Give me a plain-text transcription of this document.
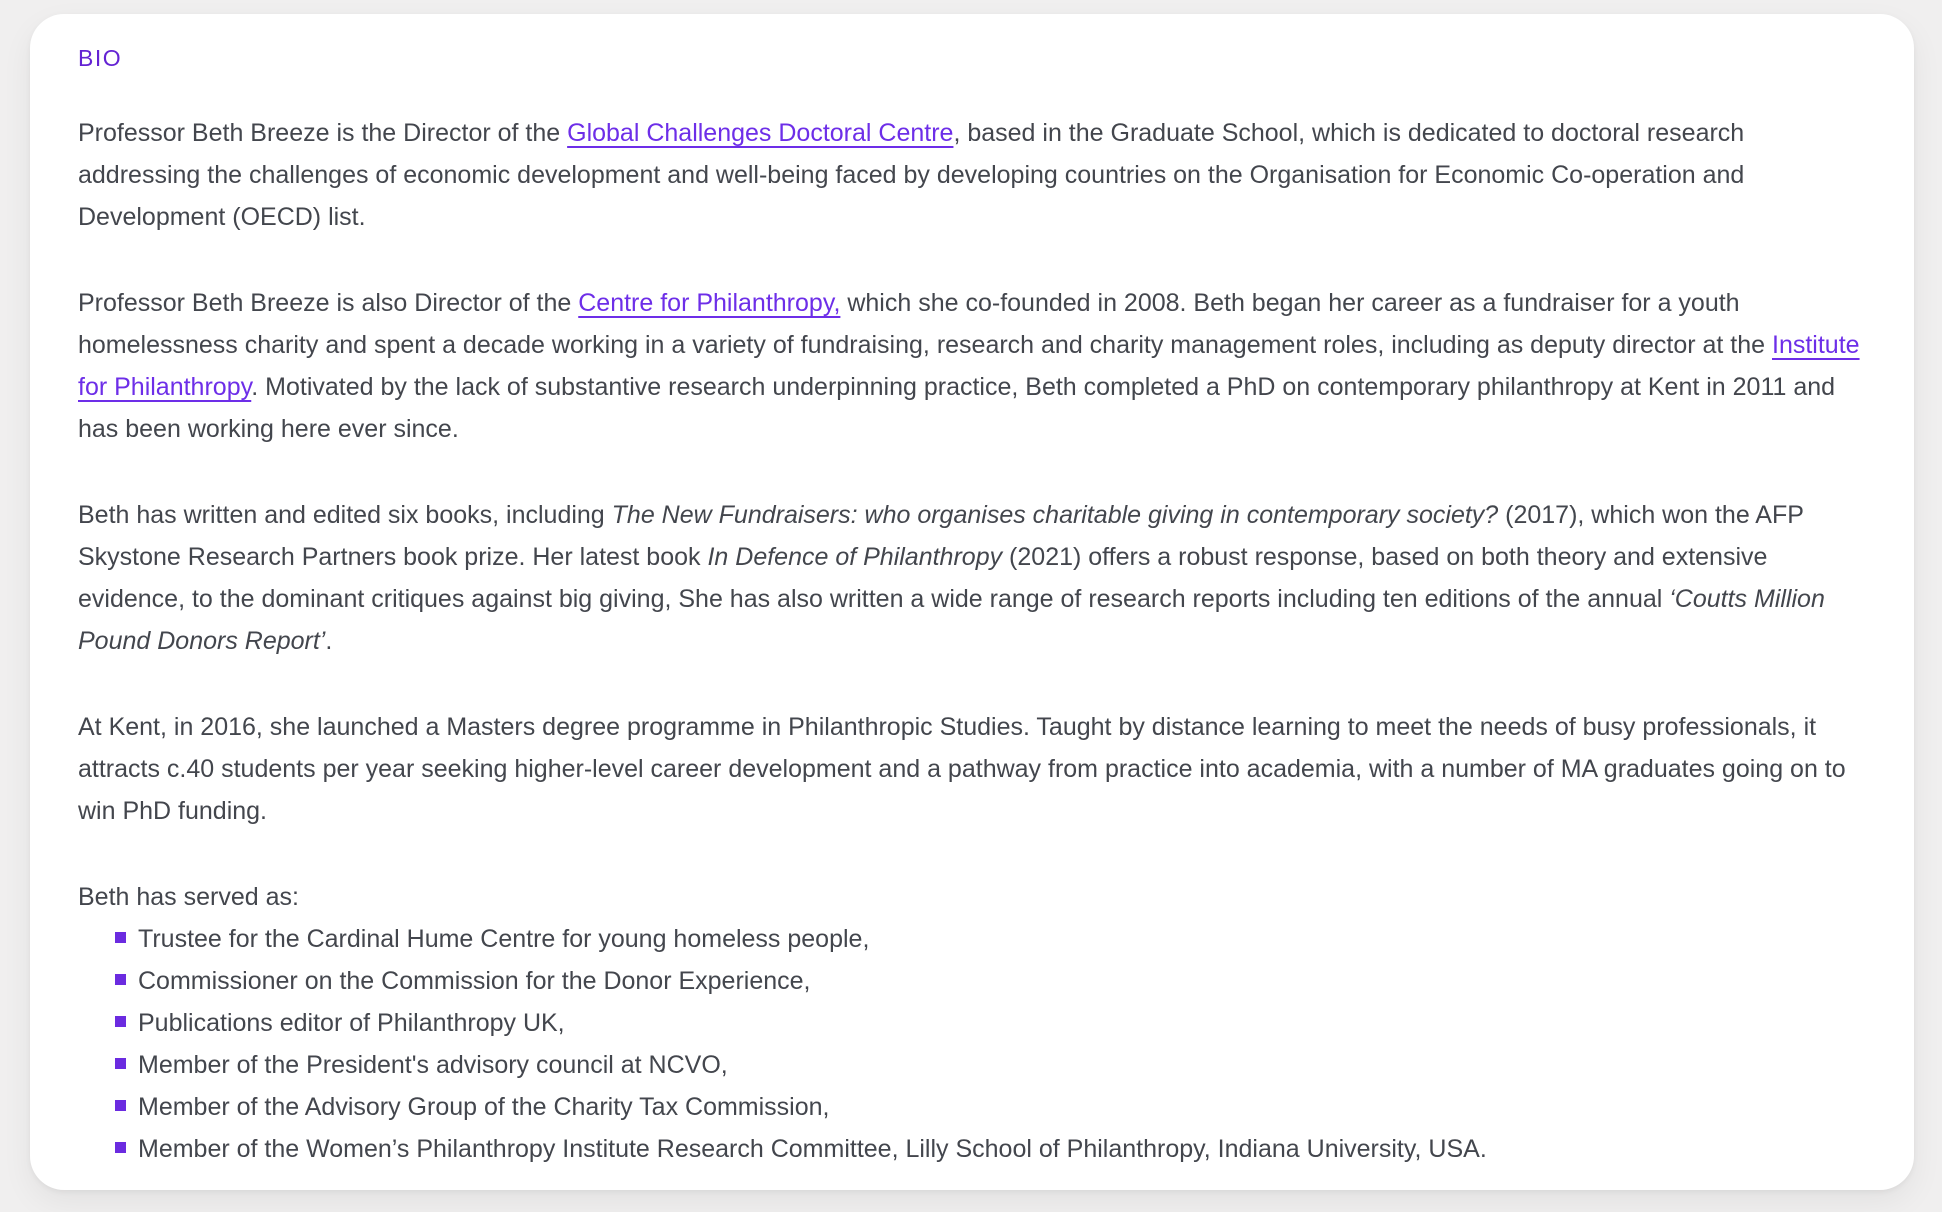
BIO

Professor Beth Breeze is the Director of the Global Challenges Doctoral Centre, based in the Graduate School, which is dedicated to doctoral research addressing the challenges of economic development and well-being faced by developing countries on the Organisation for Economic Co-operation and Development (OECD) list.

Professor Beth Breeze is also Director of the Centre for Philanthropy, which she co-founded in 2008. Beth began her career as a fundraiser for a youth homelessness charity and spent a decade working in a variety of fundraising, research and charity management roles, including as deputy director at the Institute for Philanthropy. Motivated by the lack of substantive research underpinning practice, Beth completed a PhD on contemporary philanthropy at Kent in 2011 and has been working here ever since.

Beth has written and edited six books, including The New Fundraisers: who organises charitable giving in contemporary society? (2017), which won the AFP Skystone Research Partners book prize. Her latest book In Defence of Philanthropy (2021) offers a robust response, based on both theory and extensive evidence, to the dominant critiques against big giving, She has also written a wide range of research reports including ten editions of the annual ‘Coutts Million Pound Donors Report’.

At Kent, in 2016, she launched a Masters degree programme in Philanthropic Studies. Taught by distance learning to meet the needs of busy professionals, it attracts c.40 students per year seeking higher-level career development and a pathway from practice into academia, with a number of MA graduates going on to win PhD funding.

Beth has served as:

Trustee for the Cardinal Hume Centre for young homeless people,
Commissioner on the Commission for the Donor Experience,
Publications editor of Philanthropy UK,
Member of the President's advisory council at NCVO,
Member of the Advisory Group of the Charity Tax Commission,
Member of the Women’s Philanthropy Institute Research Committee, Lilly School of Philanthropy, Indiana University, USA.
